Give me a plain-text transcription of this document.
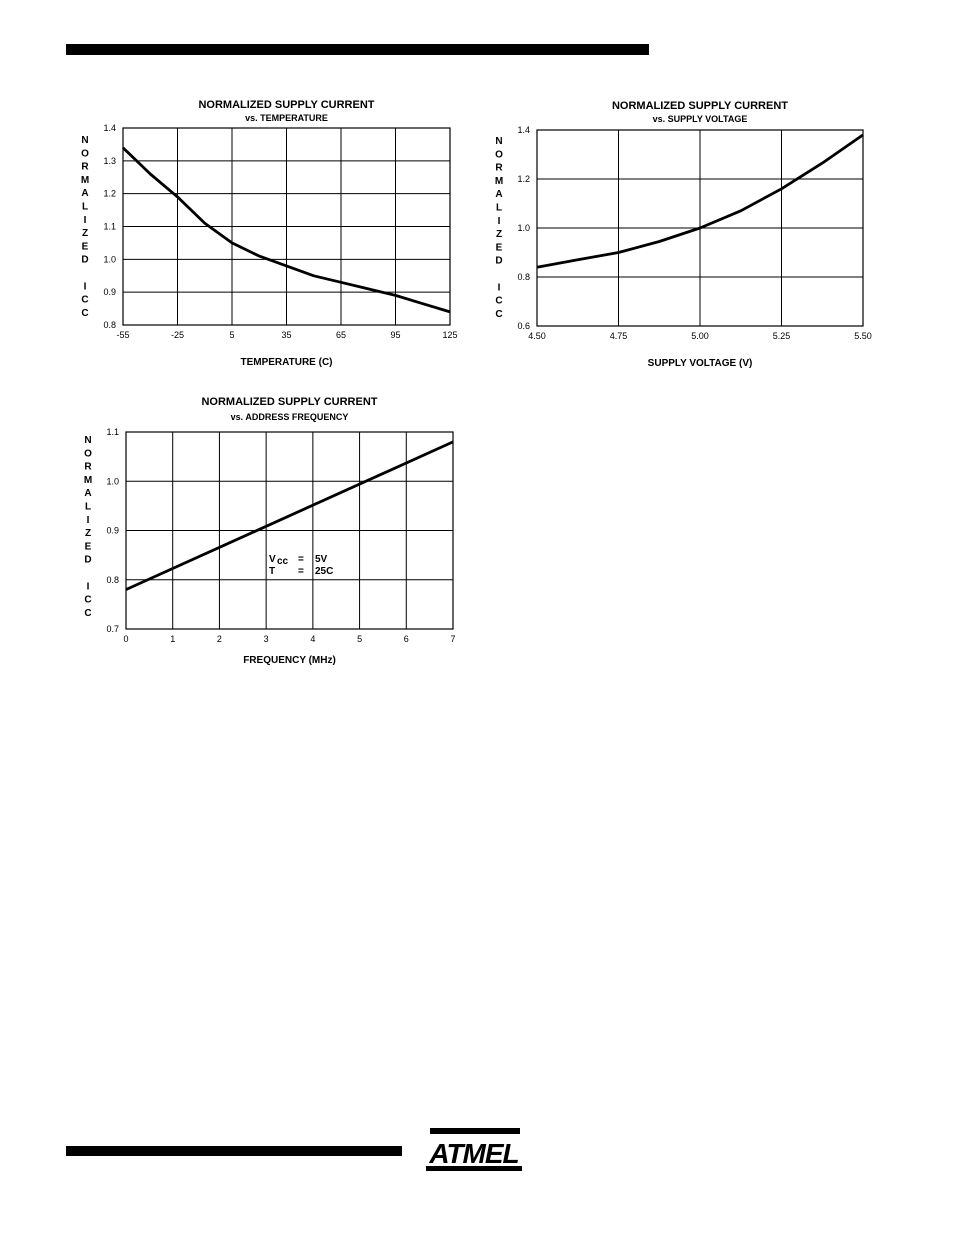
NORMALIZED SUPPLY CURRENT
vs. TEMPERATURE
-55	-25	5	35	65	95	125
0.8
0.9
1.0
1.1
1.2
1.3
1.4
TEMPERATURE (C)
N O R M A L I Z E D I C C
NORMALIZED SUPPLY CURRENT
vs. SUPPLY VOLTAGE
4.50	4.75	5.00	5.25	5.50
0.6
0.8
1.0
1.2
1.4
SUPPLY VOLTAGE (V)
N O R M A L I Z E D I C C
NORMALIZED SUPPLY CURRENT
vs. ADDRESS FREQUENCY
0	1	2	3	4	5	6	7
0.7
0.8
0.9
1.0
1.1
FREQUENCY (MHz)
N O R M A L I Z E D I C C
V cc = 5V
T = 25C
ATMEL
